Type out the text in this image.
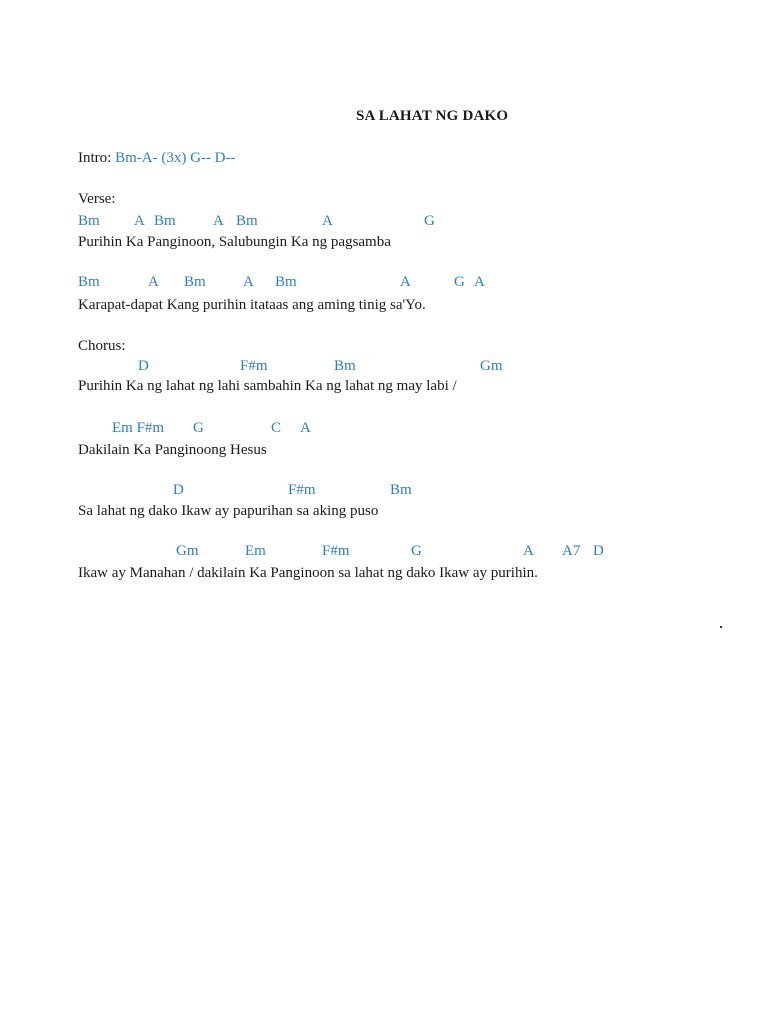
SA LAHAT NG DAKO
Intro: Bm-A- (3x) G-- D--
Verse:
Bm A Bm A Bm	A	G
Purihin Ka Panginoon, Salubungin Ka ng pagsamba
Bm	A Bm A Bm	A	G A
Karapat-dapat Kang purihin itataas ang aming tinig sa'Yo.
Chorus:
D	F#m	Bm	Gm
Purihin Ka ng lahat ng lahi sambahin Ka ng lahat ng may labi /
Em F#m G	C A
Dakilain Ka Panginoong Hesus
D	F#m	Bm
Sa lahat ng dako Ikaw ay papurihan sa aking puso
Gm	Em	F#m	G	A A7 D
Ikaw ay Manahan / dakilain Ka Panginoon sa lahat ng dako Ikaw ay purihin.
